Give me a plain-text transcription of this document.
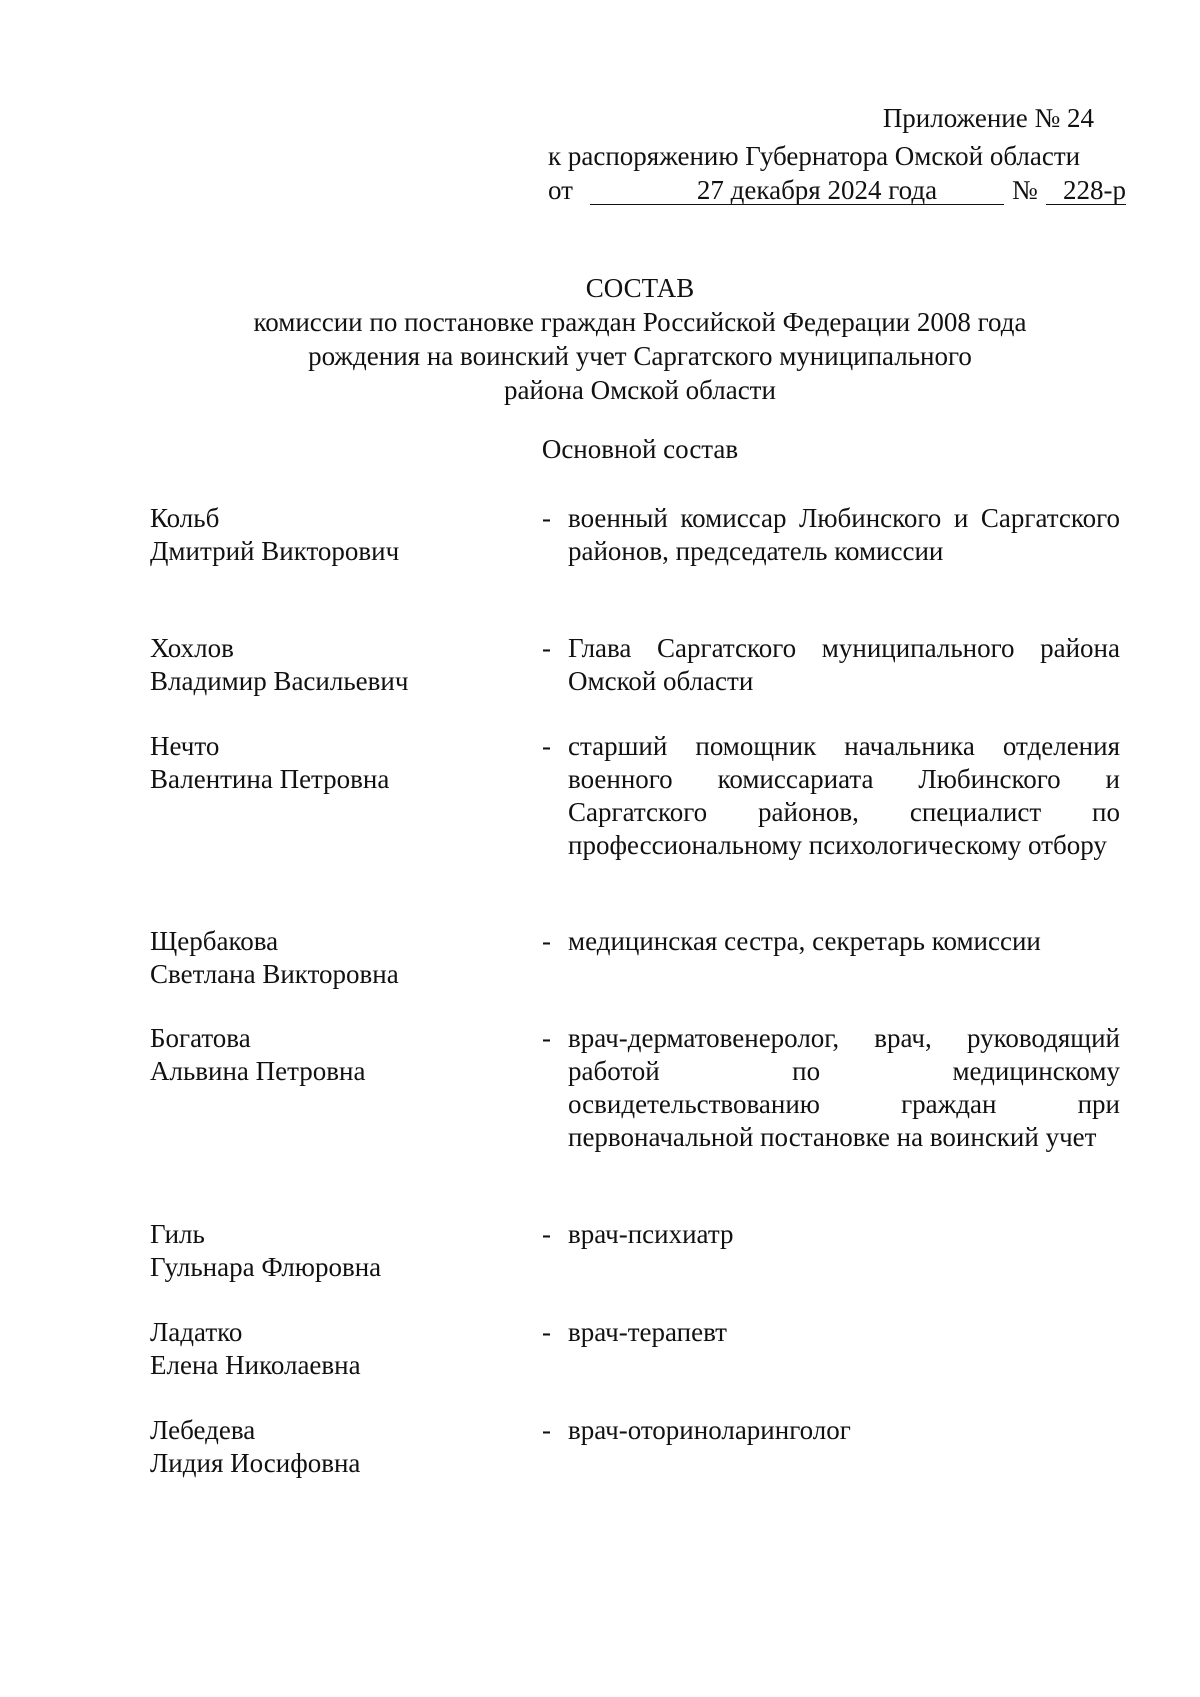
Приложение № 24
к распоряжению Губернатора Омской области
от	27 декабря 2024 года	№ 228-р
СОСТАВ
комиссии по постановке граждан Российской Федерации 2008 года
рождения на воинский учет Саргатского муниципального
района Омской области
Основной состав
Кольб
Дмитрий Викторович
- военный комиссар Любинского и Саргатского районов, председатель комиссии
Хохлов
Владимир Васильевич
- Глава Саргатского муниципального района Омской области
Нечто
Валентина Петровна
- старший помощник начальника отделения военного комиссариата Любинского и Саргатского районов, специалист по профессиональному психологическому отбору
Щербакова
Светлана Викторовна
- медицинская сестра, секретарь комиссии
Богатова
Альвина Петровна
- врач-дерматовенеролог, врач, руководящий работой по медицинскому освидетельствованию граждан при первоначальной постановке на воинский учет
Гиль
Гульнара Флюровна
- врач-психиатр
Ладатко
Елена Николаевна
- врач-терапевт
Лебедева
Лидия Иосифовна
- врач-оториноларинголог
